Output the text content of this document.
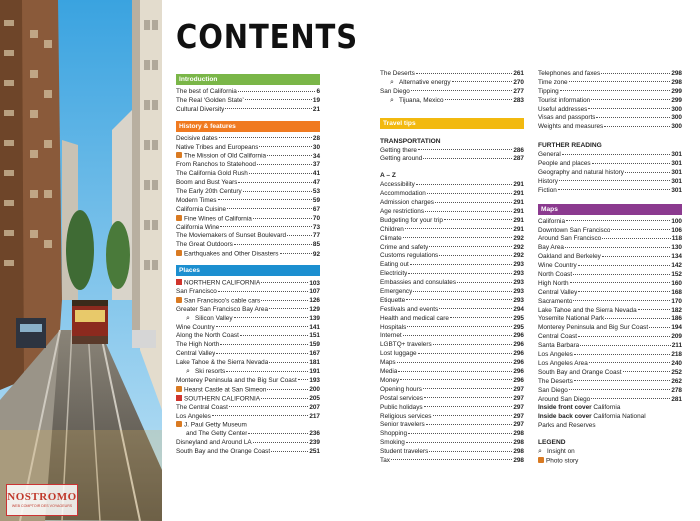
NOSTROMO
WEB COMPTOIR DES VOYAGEURS
CONTENTS
Introduction
The best of California	6
The Real ‘Golden State’	19
Cultural Diversity	21
History & features
Decisive dates	28
Native Tribes and Europeans	30
The Mission of Old California	34
From Ranchos to Statehood	37
The California Gold Rush	41
Boom and Bust Years	47
The Early 20th Century	53
Modern Times	59
California Cuisine	67
Fine Wines of California	70
California Wine	73
The Moviemakers of Sunset Boulevard	77
The Great Outdoors	85
Earthquakes and Other Disasters	92
Places
NORTHERN CALIFORNIA	103
San Francisco	107
San Francisco’s cable cars	126
Greater San Francisco Bay Area	129
⌕ Silicon Valley	139
Wine Country	141
Along the North Coast	151
The High North	159
Central Valley	167
Lake Tahoe & the Sierra Nevada	181
⌕ Ski resorts	191
Monterey Peninsula and the Big Sur Coast 193
Hearst Castle at San Simeon	200
SOUTHERN CALIFORNIA	205
The Central Coast	207
Los Angeles	217
J. Paul Getty Museum
and The Getty Center	236
Disneyland and Around LA	239
South Bay and the Orange Coast	251
The Deserts	261
⌕ Alternative energy	270
San Diego	277
⌕ Tijuana, Mexico	283
Travel tips
TRANSPORTATION
Getting there	286
Getting around	287
A – Z
Accessibility	291
Accommodation	291
Admission charges	291
Age restrictions	291
Budgeting for your trip	291
Children	291
Climate	292
Crime and safety	292
Customs regulations	292
Eating out	293
Electricity	293
Embassies and consulates	293
Emergency	293
Etiquette	293
Festivals and events	294
Health and medical care	295
Hospitals	295
Internet	296
LGBTQ+ travelers	296
Lost luggage	296
Maps	296
Media	296
Money	296
Opening hours	297
Postal services	297
Public holidays	297
Religious services	297
Senior travelers	297
Shopping	298
Smoking	298
Student travelers	298
Tax	298
Telephones and faxes	298
Time zone	298
Tipping	299
Tourist information	299
Useful addresses	300
Visas and passports	300
Weights and measures	300
FURTHER READING
General	301
People and places	301
Geography and natural history	301
History	301
Fiction	301
Maps
California	100
Downtown San Francisco	106
Around San Francisco	118
Bay Area	130
Oakland and Berkeley	134
Wine Country	142
North Coast	152
High North	160
Central Valley	168
Sacramento	170
Lake Tahoe and the Sierra Nevada	182
Yosemite National Park	186
Monterey Peninsula and Big Sur Coast	194
Central Coast	209
Santa Barbara	211
Los Angeles	218
Los Angeles Area	240
South Bay and Orange Coast	252
The Deserts	262
San Diego	278
Around San Diego	281
Inside front cover California
Inside back cover California National Parks and Reserves
LEGEND
⌕ Insight on
Photo story
